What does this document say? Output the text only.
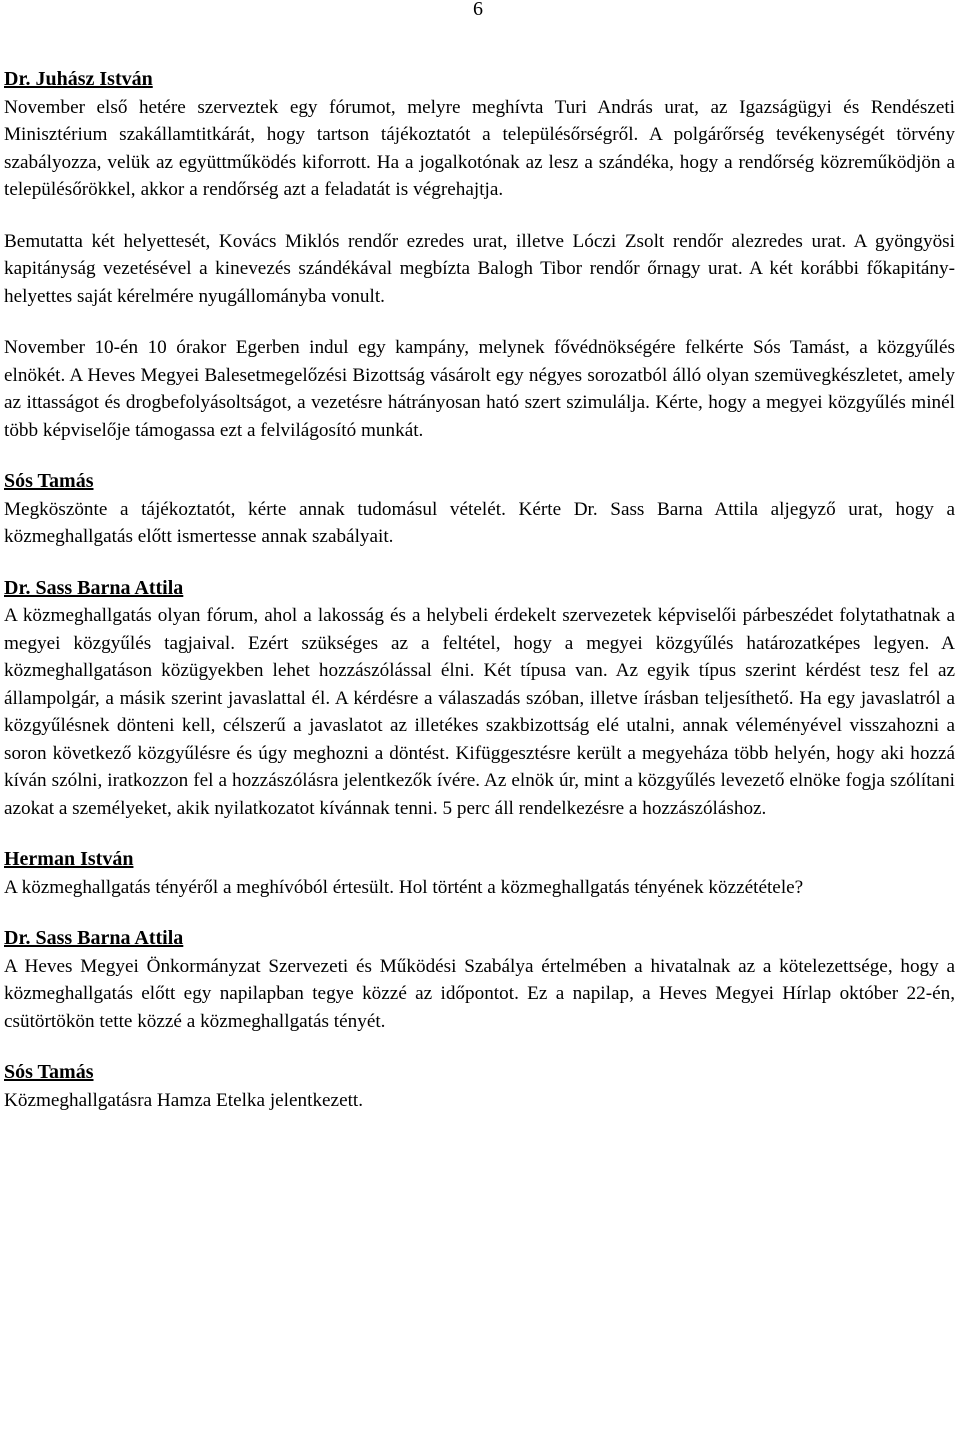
6
Dr. Juhász István

November első hetére szerveztek egy fórumot, melyre meghívta Turi András urat, az Igazságügyi és Rendészeti Minisztérium szakállamtitkárát, hogy tartson tájékoztatót a településőrségről. A polgárőrség tevékenységét törvény szabályozza, velük az együttműködés kiforrott. Ha a jogalkotónak az lesz a szándéka, hogy a rendőrség közreműködjön a településőrökkel, akkor a rendőrség azt a feladatát is végrehajtja.

Bemutatta két helyettesét, Kovács Miklós rendőr ezredes urat, illetve Lóczi Zsolt rendőr alezredes urat. A gyöngyösi kapitányság vezetésével a kinevezés szándékával megbízta Balogh Tibor rendőr őrnagy urat. A két korábbi főkapitány-helyettes saját kérelmére nyugállományba vonult.

November 10-én 10 órakor Egerben indul egy kampány, melynek fővédnökségére felkérte Sós Tamást, a közgyűlés elnökét. A Heves Megyei Balesetmegelőzési Bizottság vásárolt egy négyes sorozatból álló olyan szemüvegkészletet, amely az ittasságot és drogbefolyásoltságot, a vezetésre hátrányosan ható szert szimulálja. Kérte, hogy a megyei közgyűlés minél több képviselője támogassa ezt a felvilágosító munkát.

Sós Tamás

Megköszönte a tájékoztatót, kérte annak tudomásul vételét. Kérte Dr. Sass Barna Attila aljegyző urat, hogy a közmeghallgatás előtt ismertesse annak szabályait.

Dr. Sass Barna Attila

A közmeghallgatás olyan fórum, ahol a lakosság és a helybeli érdekelt szervezetek képviselői párbeszédet folytathatnak a megyei közgyűlés tagjaival. Ezért szükséges az a feltétel, hogy a megyei közgyűlés határozatképes legyen. A közmeghallgatáson közügyekben lehet hozzászólással élni. Két típusa van. Az egyik típus szerint kérdést tesz fel az állampolgár, a másik szerint javaslattal él. A kérdésre a válaszadás szóban, illetve írásban teljesíthető. Ha egy javaslatról a közgyűlésnek dönteni kell, célszerű a javaslatot az illetékes szakbizottság elé utalni, annak véleményével visszahozni a soron következő közgyűlésre és úgy meghozni a döntést. Kifüggesztésre került a megyeháza több helyén, hogy aki hozzá kíván szólni, iratkozzon fel a hozzászólásra jelentkezők ívére. Az elnök úr, mint a közgyűlés levezető elnöke fogja szólítani azokat a személyeket, akik nyilatkozatot kívánnak tenni. 5 perc áll rendelkezésre a hozzászóláshoz.

Herman István

A közmeghallgatás tényéről a meghívóból értesült. Hol történt a közmeghallgatás tényének közzététele?

Dr. Sass Barna Attila

A Heves Megyei Önkormányzat Szervezeti és Működési Szabálya értelmében a hivatalnak az a kötelezettsége, hogy a közmeghallgatás előtt egy napilapban tegye közzé az időpontot. Ez a napilap, a Heves Megyei Hírlap október 22-én, csütörtökön tette közzé a közmeghallgatás tényét.

Sós Tamás

Közmeghallgatásra Hamza Etelka jelentkezett.
